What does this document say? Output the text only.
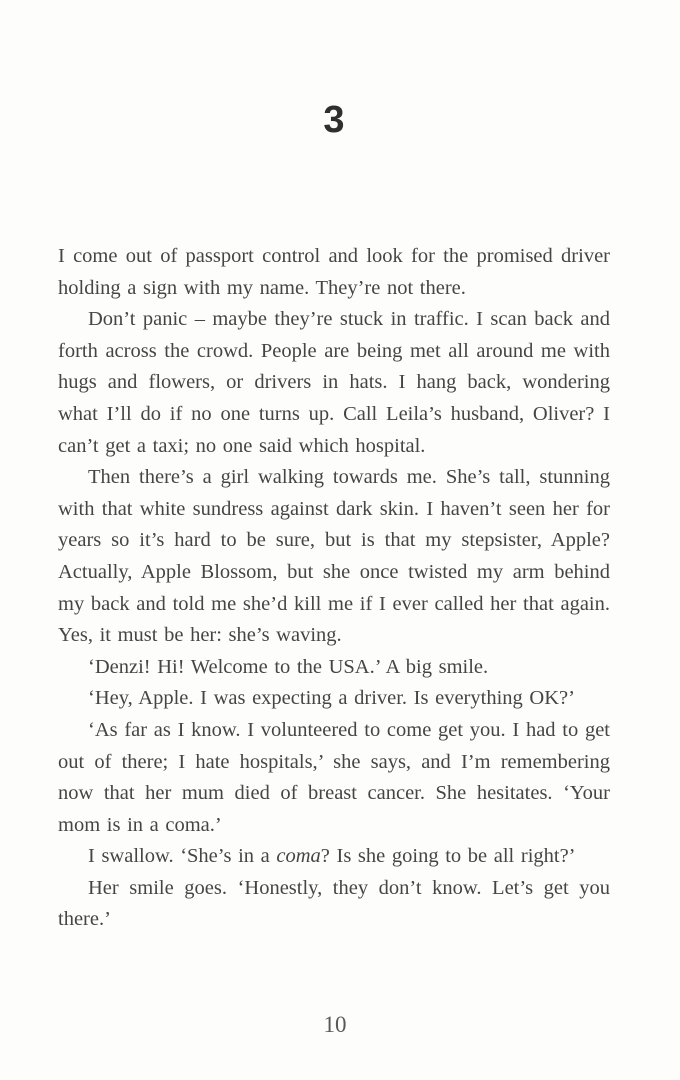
3

I come out of passport control and look for the promised driver holding a sign with my name. They’re not there.

Don’t panic – maybe they’re stuck in traffic. I scan back and forth across the crowd. People are being met all around me with hugs and flowers, or drivers in hats. I hang back, wondering what I’ll do if no one turns up. Call Leila’s husband, Oliver? I can’t get a taxi; no one said which hospital.

Then there’s a girl walking towards me. She’s tall, stunning with that white sundress against dark skin. I haven’t seen her for years so it’s hard to be sure, but is that my stepsister, Apple? Actually, Apple Blossom, but she once twisted my arm behind my back and told me she’d kill me if I ever called her that again. Yes, it must be her: she’s waving.

‘Denzi! Hi! Welcome to the USA.’ A big smile.

‘Hey, Apple. I was expecting a driver. Is everything OK?’

‘As far as I know. I volunteered to come get you. I had to get out of there; I hate hospitals,’ she says, and I’m remembering now that her mum died of breast cancer. She hesitates. ‘Your mom is in a coma.’

I swallow. ‘She’s in a coma? Is she going to be all right?’

Her smile goes. ‘Honestly, they don’t know. Let’s get you there.’

10
